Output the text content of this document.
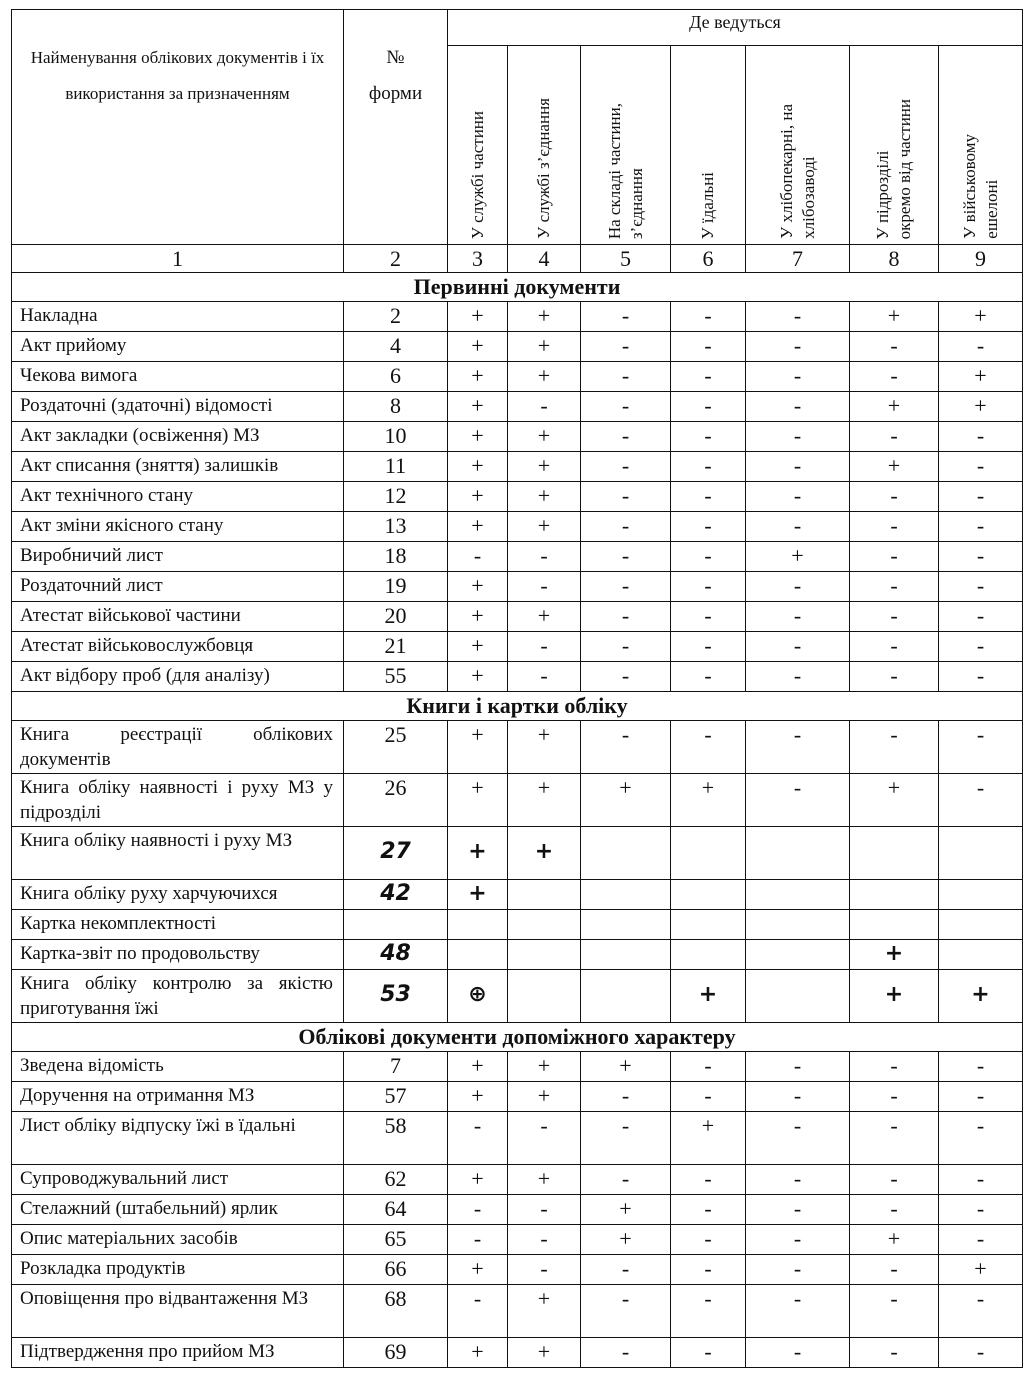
Найменування облікових документів і їх використання за призначенням	№ форми	Де ведуться						
		У службі частини	У службі з’єднання	На складі частини,
з’єднання	У їдальні	У хлібопекарні, на
хлібозаводі	У підрозділі
окремо від частини	У військовому
ешелоні
1	2	3	4	5	6	7	8	9
Первинні документи								
Накладна	2	+	+	-	-	-	+	+
Акт прийому	4	+	+	-	-	-	-	-
Чекова вимога	6	+	+	-	-	-	-	+
Роздаточні (здаточні) відомості	8	+	-	-	-	-	+	+
Акт закладки (освіження) МЗ	10	+	+	-	-	-	-	-
Акт списання (зняття) залишків	11	+	+	-	-	-	+	-
Акт технічного стану	12	+	+	-	-	-	-	-
Акт зміни якісного стану	13	+	+	-	-	-	-	-
Виробничий лист	18	-	-	-	-	+	-	-
Роздаточний лист	19	+	-	-	-	-	-	-
Атестат військової частини	20	+	+	-	-	-	-	-
Атестат військовослужбовця	21	+	-	-	-	-	-	-
Акт відбору проб (для аналізу)	55	+	-	-	-	-	-	-
Книги і картки обліку								
Книга реєстрації облікових документів	25	+	+	-	-	-	-	-
Книга обліку наявності і руху МЗ у підрозділі	26	+	+	+	+	-	+	-
Книга обліку наявності і руху МЗ	27	+	+					
Книга обліку руху харчуючихся	42	+						
Картка некомплектності								
Картка-звіт по продовольству	48						+	
Книга обліку контролю за якістю приготування їжі	53	⊕			+		+	+
Облікові документи допоміжного характеру								
Зведена відомість	7	+	+	+	-	-	-	-
Доручення на отримання МЗ	57	+	+	-	-	-	-	-
Лист обліку відпуску їжі в їдальні	58	-	-	-	+	-	-	-
Супроводжувальний лист	62	+	+	-	-	-	-	-
Стелажний (штабельний) ярлик	64	-	-	+	-	-	-	-
Опис матеріальних засобів	65	-	-	+	-	-	+	-
Розкладка продуктів	66	+	-	-	-	-	-	+
Оповіщення про відвантаження МЗ	68	-	+	-	-	-	-	-
Підтвердження про прийом МЗ	69	+	+	-	-	-	-	-
